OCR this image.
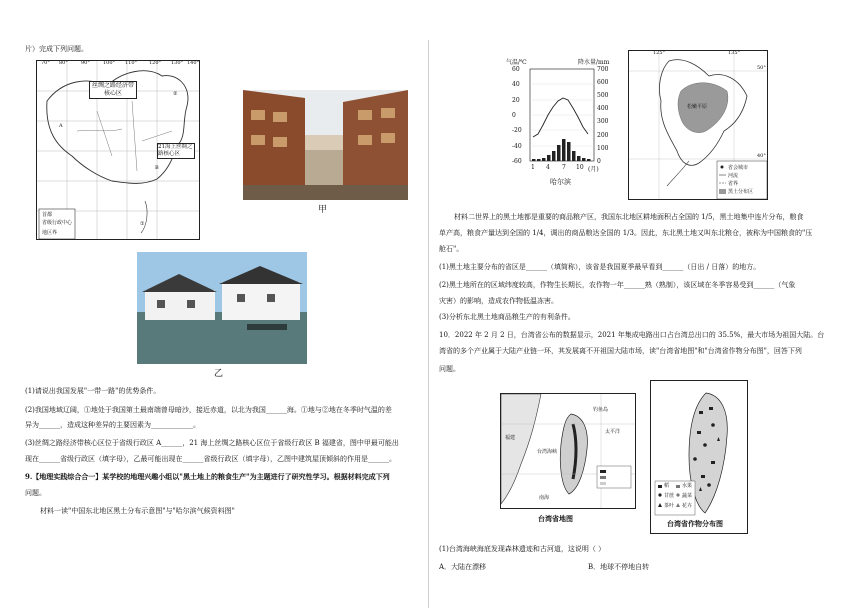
片）完成下列问题。
70° 80°	90°	100° 110° 120° 130° 140°
丝绸之路经济带核心区
21海上丝绸之路核心区
A
B
①
②
首都
省级行政中心
地区界
甲
乙
(1)请说出我国发展"一带一路"的优势条件。
(2)我国地域辽阔，①地处于我国第土最南端曾母暗沙，接近赤道，以北为我国______海。①地与②地在冬季时气温的差
异为______，造成这种差异的主要因素为____________。
(3)丝绸之路经济带核心区位于省级行政区 A______，21 海上丝绸之路核心区位于省级行政区 B 福建省，图中甲最可能出
现在______省级行政区（填字母），乙最可能出现在______省级行政区（填字母），乙图中建筑屋顶倾斜的作用是______。
9.【地理实践综合合一】某学校的地理兴趣小组以"黑土地上的粮食生产"为主题进行了研究性学习。根据材料完成下列
问题。
材料一读"中国东北地区黑土分布示意图"与"哈尔滨气候资料图"
气温/℃	降水量/mm
1 4 7 10 (月)
哈尔滨
60
40
20
0
-20
-40
-60
700
600
500
400
300
200
100
0
125°	135°
50°
40°
松嫩平原
省会城市
河流
省界
黑土分布区
材料二世界上的黑土地都是重要的商品粮产区，我国东北地区耕地面积占全国的 1/5，黑土地集中连片分布，粮食
单产高，粮食产量达到全国的 1/4，调出的商品粮达全国的 1/3。因此，东北黑土地又叫东北粮仓，被称为中国粮食的"压
舱石"。
(1)黑土地主要分布的省区是______（填简称），该省是我国夏季最早看到______（日出 / 日落）的地方。
(2)黑土地所在的区域纬度较高，作物生长期长，农作物一年______熟（熟制），该区域在冬季容易受到______（气象
灾害）的影响，造成农作物低温冻害。
(3)分析东北黑土地商品粮生产的有利条件。
10．2022 年 2 月 2 日，台湾省公布的数据显示，2021 年集成电路出口占台湾总出口的 35.5%，最大市场为祖国大陆。台
湾省的多个产业属于大陆产业链一环，其发展离不开祖国大陆市场，读"台湾省地图"和"台湾省作物分布图"，回答下列
问题。
福建
台湾海峡
太平洋
南海
钓鱼岛
台湾省地图
稻
甘蔗
茶叶
水果
蔬菜
花卉
台湾省作物分布图
(1)台湾海峡海底发现森林遗迹和古河道，这说明（ ）
A．大陆在漂移	B．地球不停地自转
